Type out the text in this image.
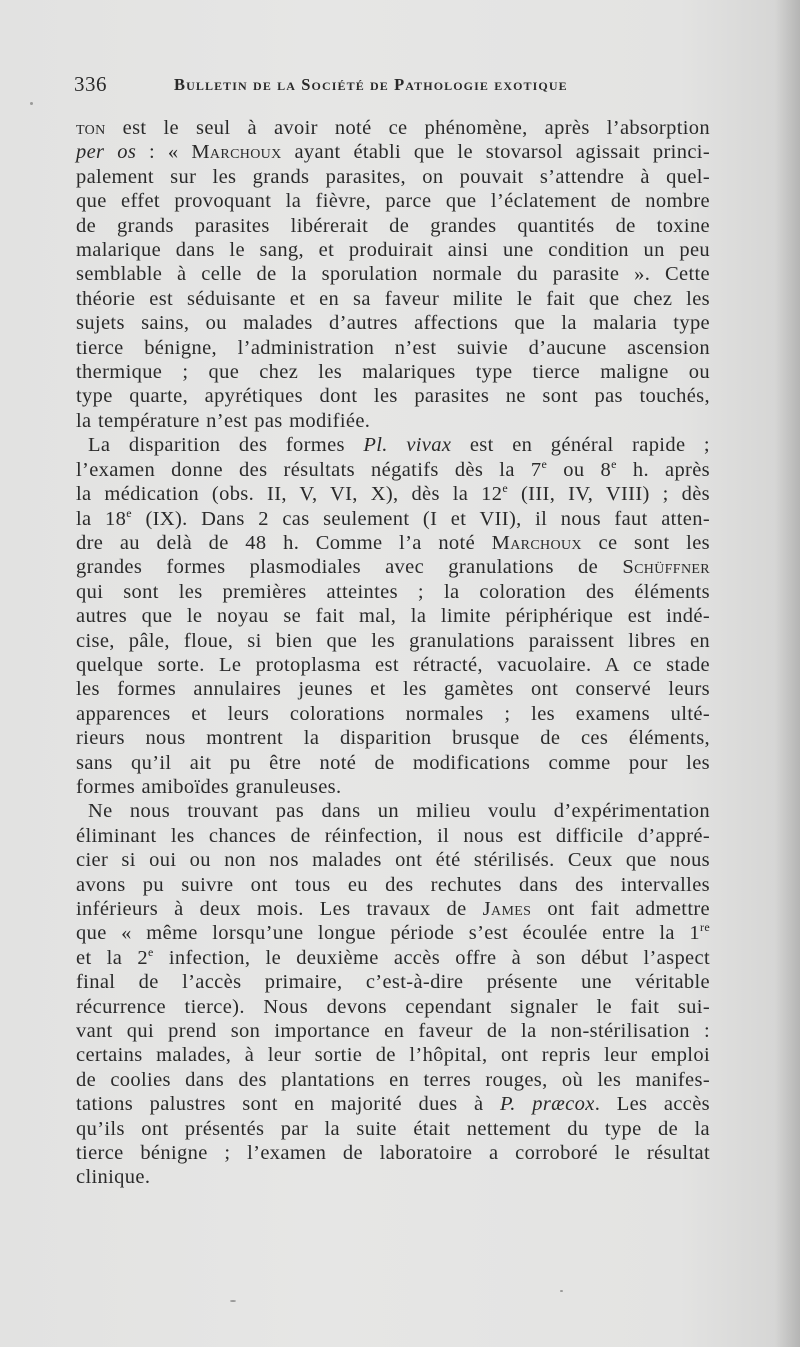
336	Bulletin de la Société de Pathologie exotique
ton est le seul à avoir noté ce phénomène, après l’absorption
per os : « Marchoux ayant établi que le stovarsol agissait princi-
palement sur les grands parasites, on pouvait s’attendre à quel-
que effet provoquant la fièvre, parce que l’éclatement de nombre
de grands parasites libérerait de grandes quantités de toxine
malarique dans le sang, et produirait ainsi une condition un peu
semblable à celle de la sporulation normale du parasite ». Cette
théorie est séduisante et en sa faveur milite le fait que chez les
sujets sains, ou malades d’autres affections que la malaria type
tierce bénigne, l’administration n’est suivie d’aucune ascension
thermique ; que chez les malariques type tierce maligne ou
type quarte, apyrétiques dont les parasites ne sont pas touchés,
la température n’est pas modifiée.
La disparition des formes Pl. vivax est en général rapide ;
l’examen donne des résultats négatifs dès la 7e ou 8e h. après
la médication (obs. II, V, VI, X), dès la 12e (III, IV, VIII) ; dès
la 18e (IX). Dans 2 cas seulement (I et VII), il nous faut atten-
dre au delà de 48 h. Comme l’a noté Marchoux ce sont les
grandes formes plasmodiales avec granulations de Schüffner
qui sont les premières atteintes ; la coloration des éléments
autres que le noyau se fait mal, la limite périphérique est indé-
cise, pâle, floue, si bien que les granulations paraissent libres en
quelque sorte. Le protoplasma est rétracté, vacuolaire. A ce stade
les formes annulaires jeunes et les gamètes ont conservé leurs
apparences et leurs colorations normales ; les examens ulté-
rieurs nous montrent la disparition brusque de ces éléments,
sans qu’il ait pu être noté de modifications comme pour les
formes amiboïdes granuleuses.
Ne nous trouvant pas dans un milieu voulu d’expérimentation
éliminant les chances de réinfection, il nous est difficile d’appré-
cier si oui ou non nos malades ont été stérilisés. Ceux que nous
avons pu suivre ont tous eu des rechutes dans des intervalles
inférieurs à deux mois. Les travaux de James ont fait admettre
que « même lorsqu’une longue période s’est écoulée entre la 1re
et la 2e infection, le deuxième accès offre à son début l’aspect
final de l’accès primaire, c’est-à-dire présente une véritable
récurrence tierce). Nous devons cependant signaler le fait sui-
vant qui prend son importance en faveur de la non-stérilisation :
certains malades, à leur sortie de l’hôpital, ont repris leur emploi
de coolies dans des plantations en terres rouges, où les manifes-
tations palustres sont en majorité dues à P. præcox. Les accès
qu’ils ont présentés par la suite était nettement du type de la
tierce bénigne ; l’examen de laboratoire a corroboré le résultat
clinique.
